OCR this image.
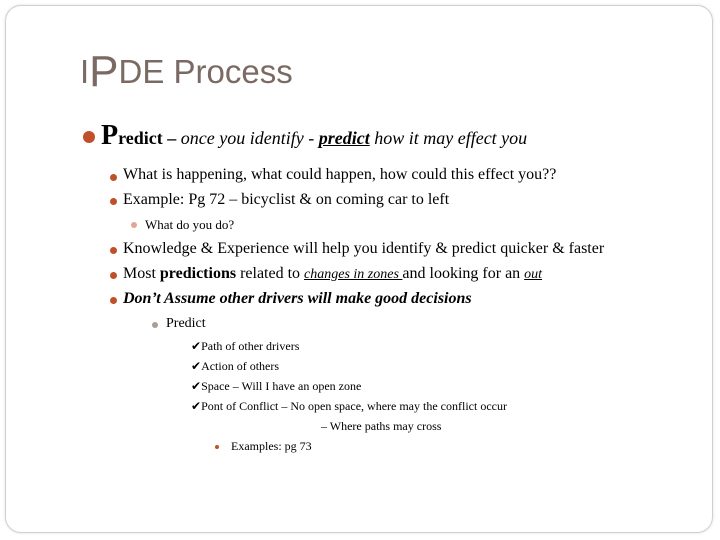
IPDE Process
Predict – once you identify - predict how it may effect you
What is happening, what could happen, how could this effect you??
Example: Pg 72 – bicyclist & on coming car to left
What do you do?
Knowledge & Experience will help you identify & predict quicker & faster
Most predictions related to changes in zones and looking for an out
Don’t Assume other drivers will make good decisions
Predict
✔Path of other drivers
✔Action of others
✔Space – Will I have an open zone
✔Pont of Conflict – No open space, where may the conflict occur
– Where paths may cross
Examples: pg 73
